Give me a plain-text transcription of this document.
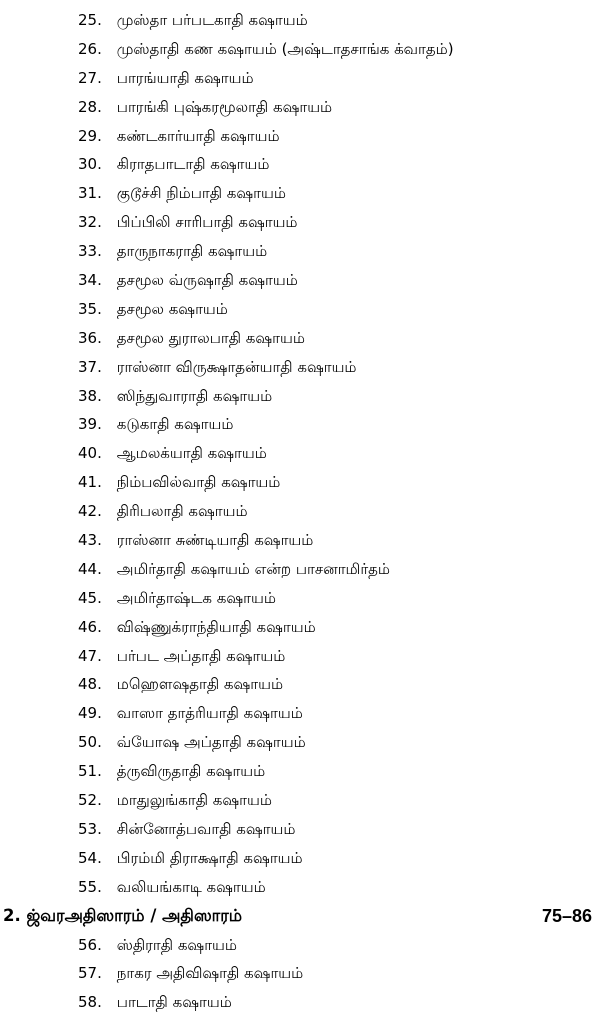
25. முஸ்தா பர்படகாதி கஷாயம்
26. முஸ்தாதி கண கஷாயம் (அஷ்டாதசாங்க க்வாதம்)
27. பாரங்யாதி கஷாயம்
28. பாரங்கி புஷ்கரமூலாதி கஷாயம்
29. கண்டகார்யாதி கஷாயம்
30. கிராதபாடாதி கஷாயம்
31. குடூச்சி நிம்பாதி கஷாயம்
32. பிப்பிலி சாரிபாதி கஷாயம்
33. தாருநாகராதி கஷாயம்
34. தசமூல வ்ருஷாதி கஷாயம்
35. தசமூல கஷாயம்
36. தசமூல துராலபாதி கஷாயம்
37. ராஸ்னா விருக்ஷாதன்யாதி கஷாயம்
38. ஸிந்துவாராதி கஷாயம்
39. கடுகாதி கஷாயம்
40. ஆமலக்யாதி கஷாயம்
41. நிம்பவில்வாதி கஷாயம்
42. திரிபலாதி கஷாயம்
43. ராஸ்னா சுண்டியாதி கஷாயம்
44. அமிர்தாதி கஷாயம் என்ற பாசனாமிர்தம்
45. அமிர்தாஷ்டக கஷாயம்
46. விஷ்ணுக்ராந்தியாதி கஷாயம்
47. பர்பட அப்தாதி கஷாயம்
48. மஹெளஷதாதி கஷாயம்
49. வாஸா தாத்ரியாதி கஷாயம்
50. வ்யோஷ அப்தாதி கஷாயம்
51. த்ருவிருதாதி கஷாயம்
52. மாதுலுங்காதி கஷாயம்
53. சின்னோத்பவாதி கஷாயம்
54. பிரம்மி திராக்ஷாதி கஷாயம்
55. வலியங்காடி கஷாயம்
2. ஜ்வரஅதிஸாரம் / அதிஸாரம்	75–86
56. ஸ்திராதி கஷாயம்
57. நாகர அதிவிஷாதி கஷாயம்
58. பாடாதி கஷாயம்
